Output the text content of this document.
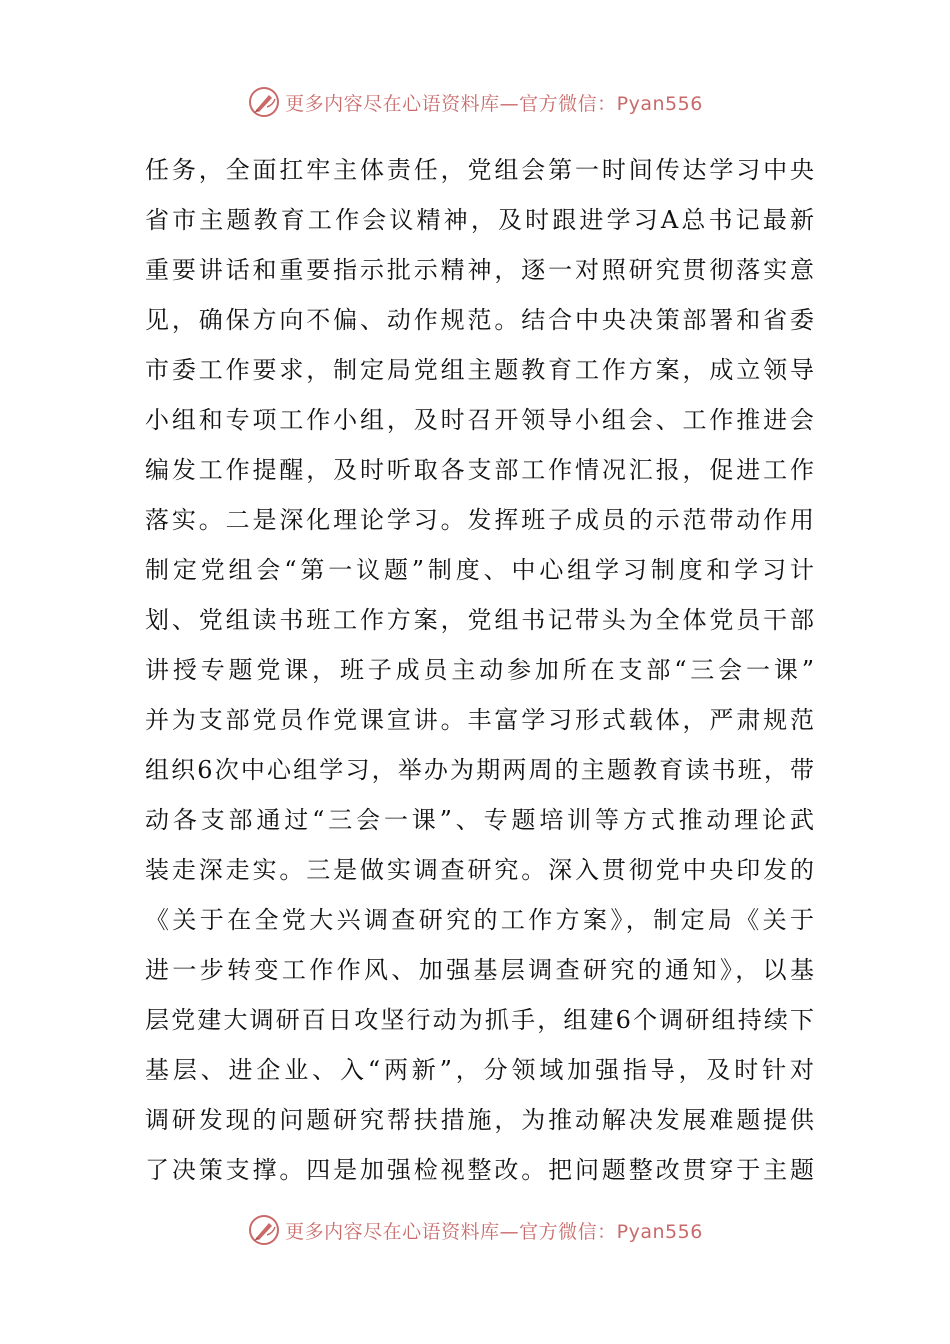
更多内容尽在心语资料库—官方微信：Pyan556
任务，全面扛牢主体责任，党组会第一时间传达学习中央
省市主题教育工作会议精神，及时跟进学习A总书记最新
重要讲话和重要指示批示精神，逐一对照研究贯彻落实意
见，确保方向不偏、动作规范。结合中央决策部署和省委
市委工作要求，制定局党组主题教育工作方案，成立领导
小组和专项工作小组，及时召开领导小组会、工作推进会
编发工作提醒，及时听取各支部工作情况汇报，促进工作
落实。二是深化理论学习。发挥班子成员的示范带动作用
制定党组会“第一议题”制度、中心组学习制度和学习计
划、党组读书班工作方案，党组书记带头为全体党员干部
讲授专题党课，班子成员主动参加所在支部“三会一课”
并为支部党员作党课宣讲。丰富学习形式载体，严肃规范
组织6次中心组学习，举办为期两周的主题教育读书班，带
动各支部通过“三会一课”、专题培训等方式推动理论武
装走深走实。三是做实调查研究。深入贯彻党中央印发的
《关于在全党大兴调查研究的工作方案》，制定局《关于
进一步转变工作作风、加强基层调查研究的通知》，以基
层党建大调研百日攻坚行动为抓手，组建6个调研组持续下
基层、进企业、入“两新”，分领域加强指导，及时针对
调研发现的问题研究帮扶措施，为推动解决发展难题提供
了决策支撑。四是加强检视整改。把问题整改贯穿于主题
更多内容尽在心语资料库—官方微信：Pyan556
